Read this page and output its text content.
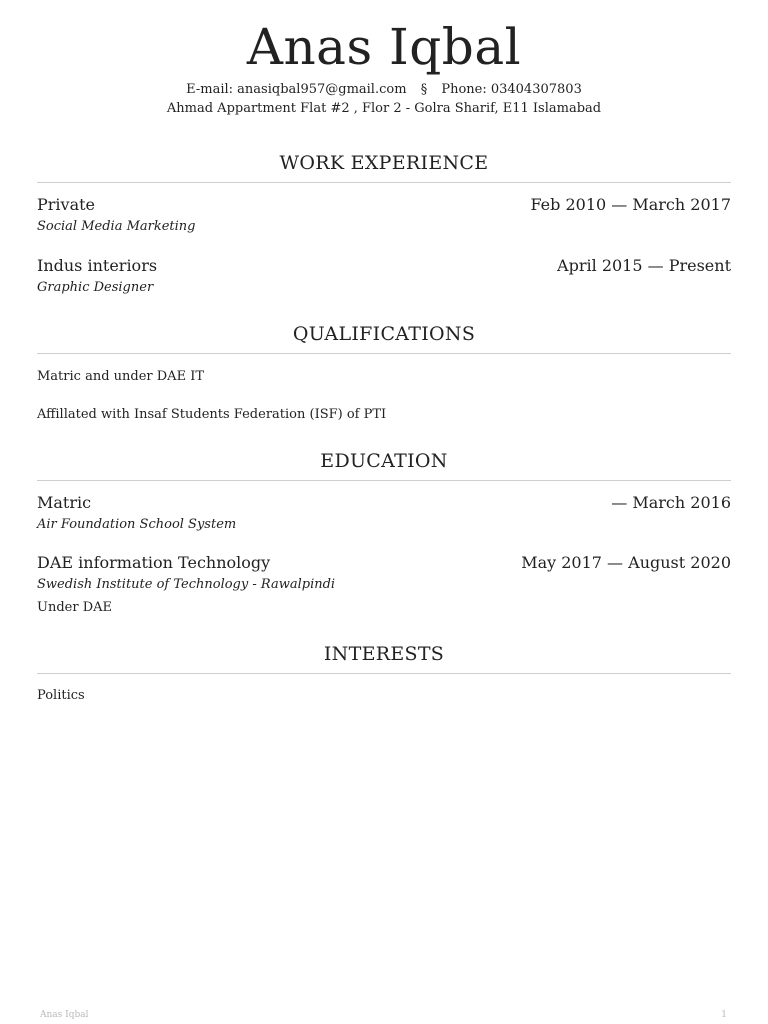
Anas Iqbal
E-mail: anasiqbal957@gmail.com § Phone: 03404307803
Ahmad Appartment Flat #2 , Flor 2 - Golra Sharif, E11 Islamabad
WORK EXPERIENCE
Private	Feb 2010 — March 2017
Social Media Marketing
Indus interiors	April 2015 — Present
Graphic Designer
QUALIFICATIONS
Matric and under DAE IT
Affillated with Insaf Students Federation (ISF) of PTI
EDUCATION
Matric	— March 2016
Air Foundation School System
DAE information Technology	May 2017 — August 2020
Swedish Institute of Technology - Rawalpindi
Under DAE
INTERESTS
Politics
Anas Iqbal	1
